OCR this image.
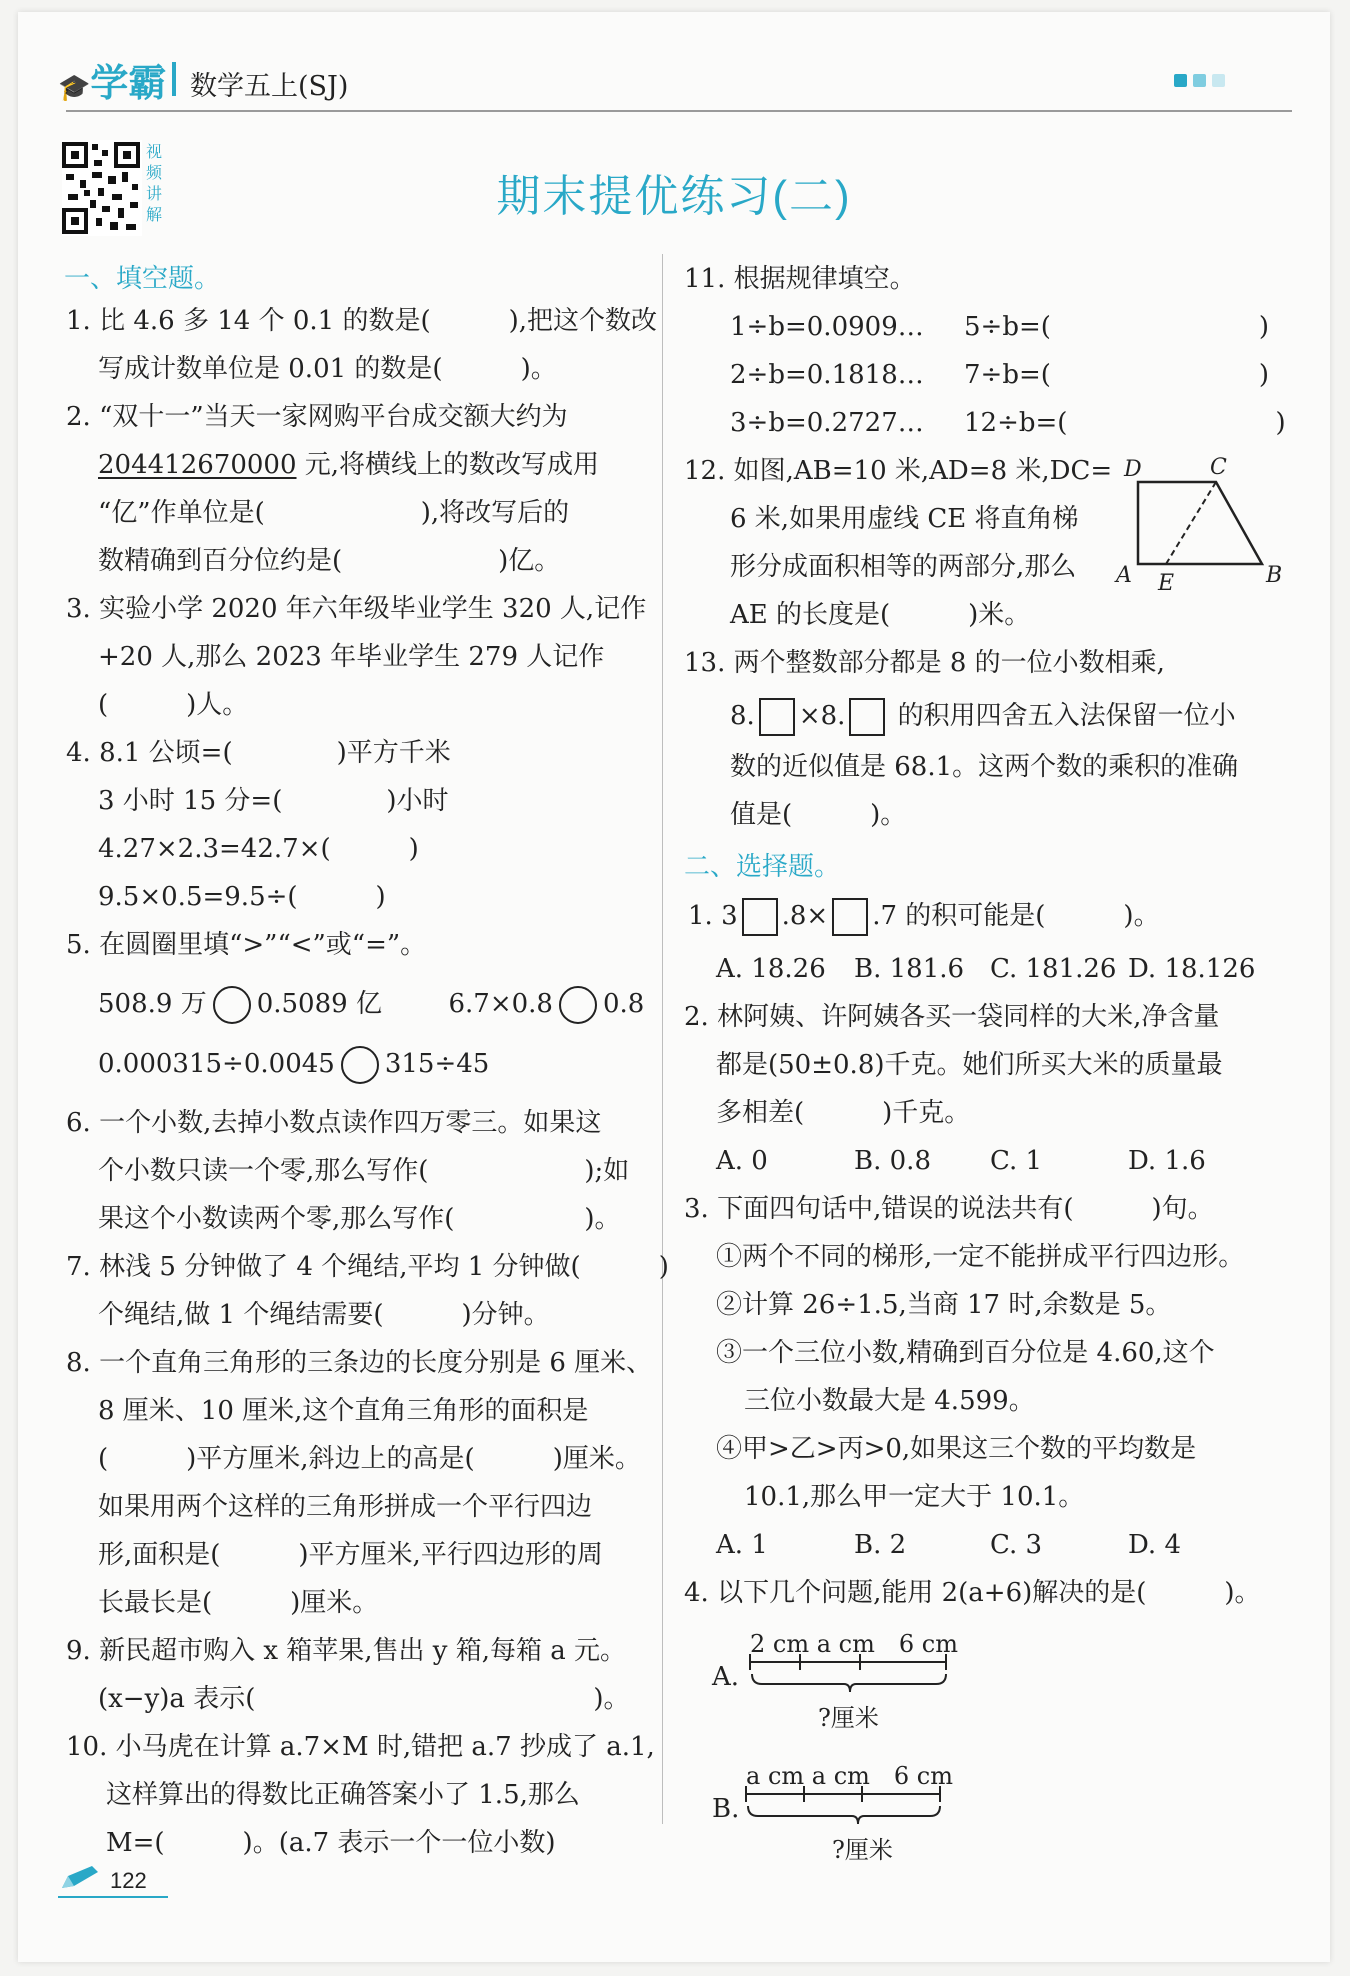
🎓学霸 数学五上(SJ)
视频讲解	期末提优练习(二)
一、填空题。
1. 比 4.6 多 14 个 0.1 的数是(　　　),把这个数改
写成计数单位是 0.01 的数是(　　　)。
2. “双十一”当天一家网购平台成交额大约为
204412670000 元,将横线上的数改写成用
“亿”作单位是(　　　　　　),将改写后的
数精确到百分位约是(　　　　　　)亿。
3. 实验小学 2020 年六年级毕业学生 320 人,记作
+20 人,那么 2023 年毕业学生 279 人记作
(　　　)人。
4. 8.1 公顷=(　　　　)平方千米
3 小时 15 分=(　　　　)小时
4.27×2.3=42.7×(　　　)
9.5×0.5=9.5÷(　　　)
5. 在圆圈里填“>”“<”或“=”。
508.9 万 0.5089 亿	6.7×0.8 0.8
0.000315÷0.0045 315÷45
6. 一个小数,去掉小数点读作四万零三。如果这
个小数只读一个零,那么写作(　　　　　　);如
果这个小数读两个零,那么写作(　　　　　)。
7. 林浅 5 分钟做了 4 个绳结,平均 1 分钟做(　　　)
个绳结,做 1 个绳结需要(　　　)分钟。
8. 一个直角三角形的三条边的长度分别是 6 厘米、
8 厘米、10 厘米,这个直角三角形的面积是
(　　　)平方厘米,斜边上的高是(　　　)厘米。
如果用两个这样的三角形拼成一个平行四边
形,面积是(　　　)平方厘米,平行四边形的周
长最长是(　　　)厘米。
9. 新民超市购入 x 箱苹果,售出 y 箱,每箱 a 元。
(x−y)a 表示(　　　　　　　　　　　　　)。
10. 小马虎在计算 a.7×M 时,错把 a.7 抄成了 a.1,
这样算出的得数比正确答案小了 1.5,那么
M=(　　　)。(a.7 表示一个一位小数)
11. 根据规律填空。
1÷b=0.0909… 5÷b=(　　　　　　　　)
2÷b=0.1818… 7÷b=(　　　　　　　　)
3÷b=0.2727… 12÷b=(　　　　　　　　)
12. 如图,AB=10 米,AD=8 米,DC=
6 米,如果用虚线 CE 将直角梯
形分成面积相等的两部分,那么
AE 的长度是(　　　)米。
D	C
A E	B
13. 两个整数部分都是 8 的一位小数相乘,
8. ×8. 的积用四舍五入法保留一位小
数的近似值是 68.1。这两个数的乘积的准确
值是(　　　)。
二、选择题。
1. 3 .8× .7 的积可能是(　　　)。
A. 18.26 B. 181.6 C. 181.26 D. 18.126
2. 林阿姨、许阿姨各买一袋同样的大米,净含量
都是(50±0.8)千克。她们所买大米的质量最
多相差(　　　)千克。
A. 0	B. 0.8 C. 1	D. 1.6
3. 下面四句话中,错误的说法共有(　　　)句。
①两个不同的梯形,一定不能拼成平行四边形。
②计算 26÷1.5,当商 17 时,余数是 5。
③一个三位小数,精确到百分位是 4.60,这个
三位小数最大是 4.599。
④甲>乙>丙>0,如果这三个数的平均数是
10.1,那么甲一定大于 10.1。
A. 1	B. 2	C. 3	D. 4
4. 以下几个问题,能用 2(a+6)解决的是(　　　)。
A.
2 cm a cm　6 cm
?厘米
B.
a cm a cm　6 cm
?厘米
122
